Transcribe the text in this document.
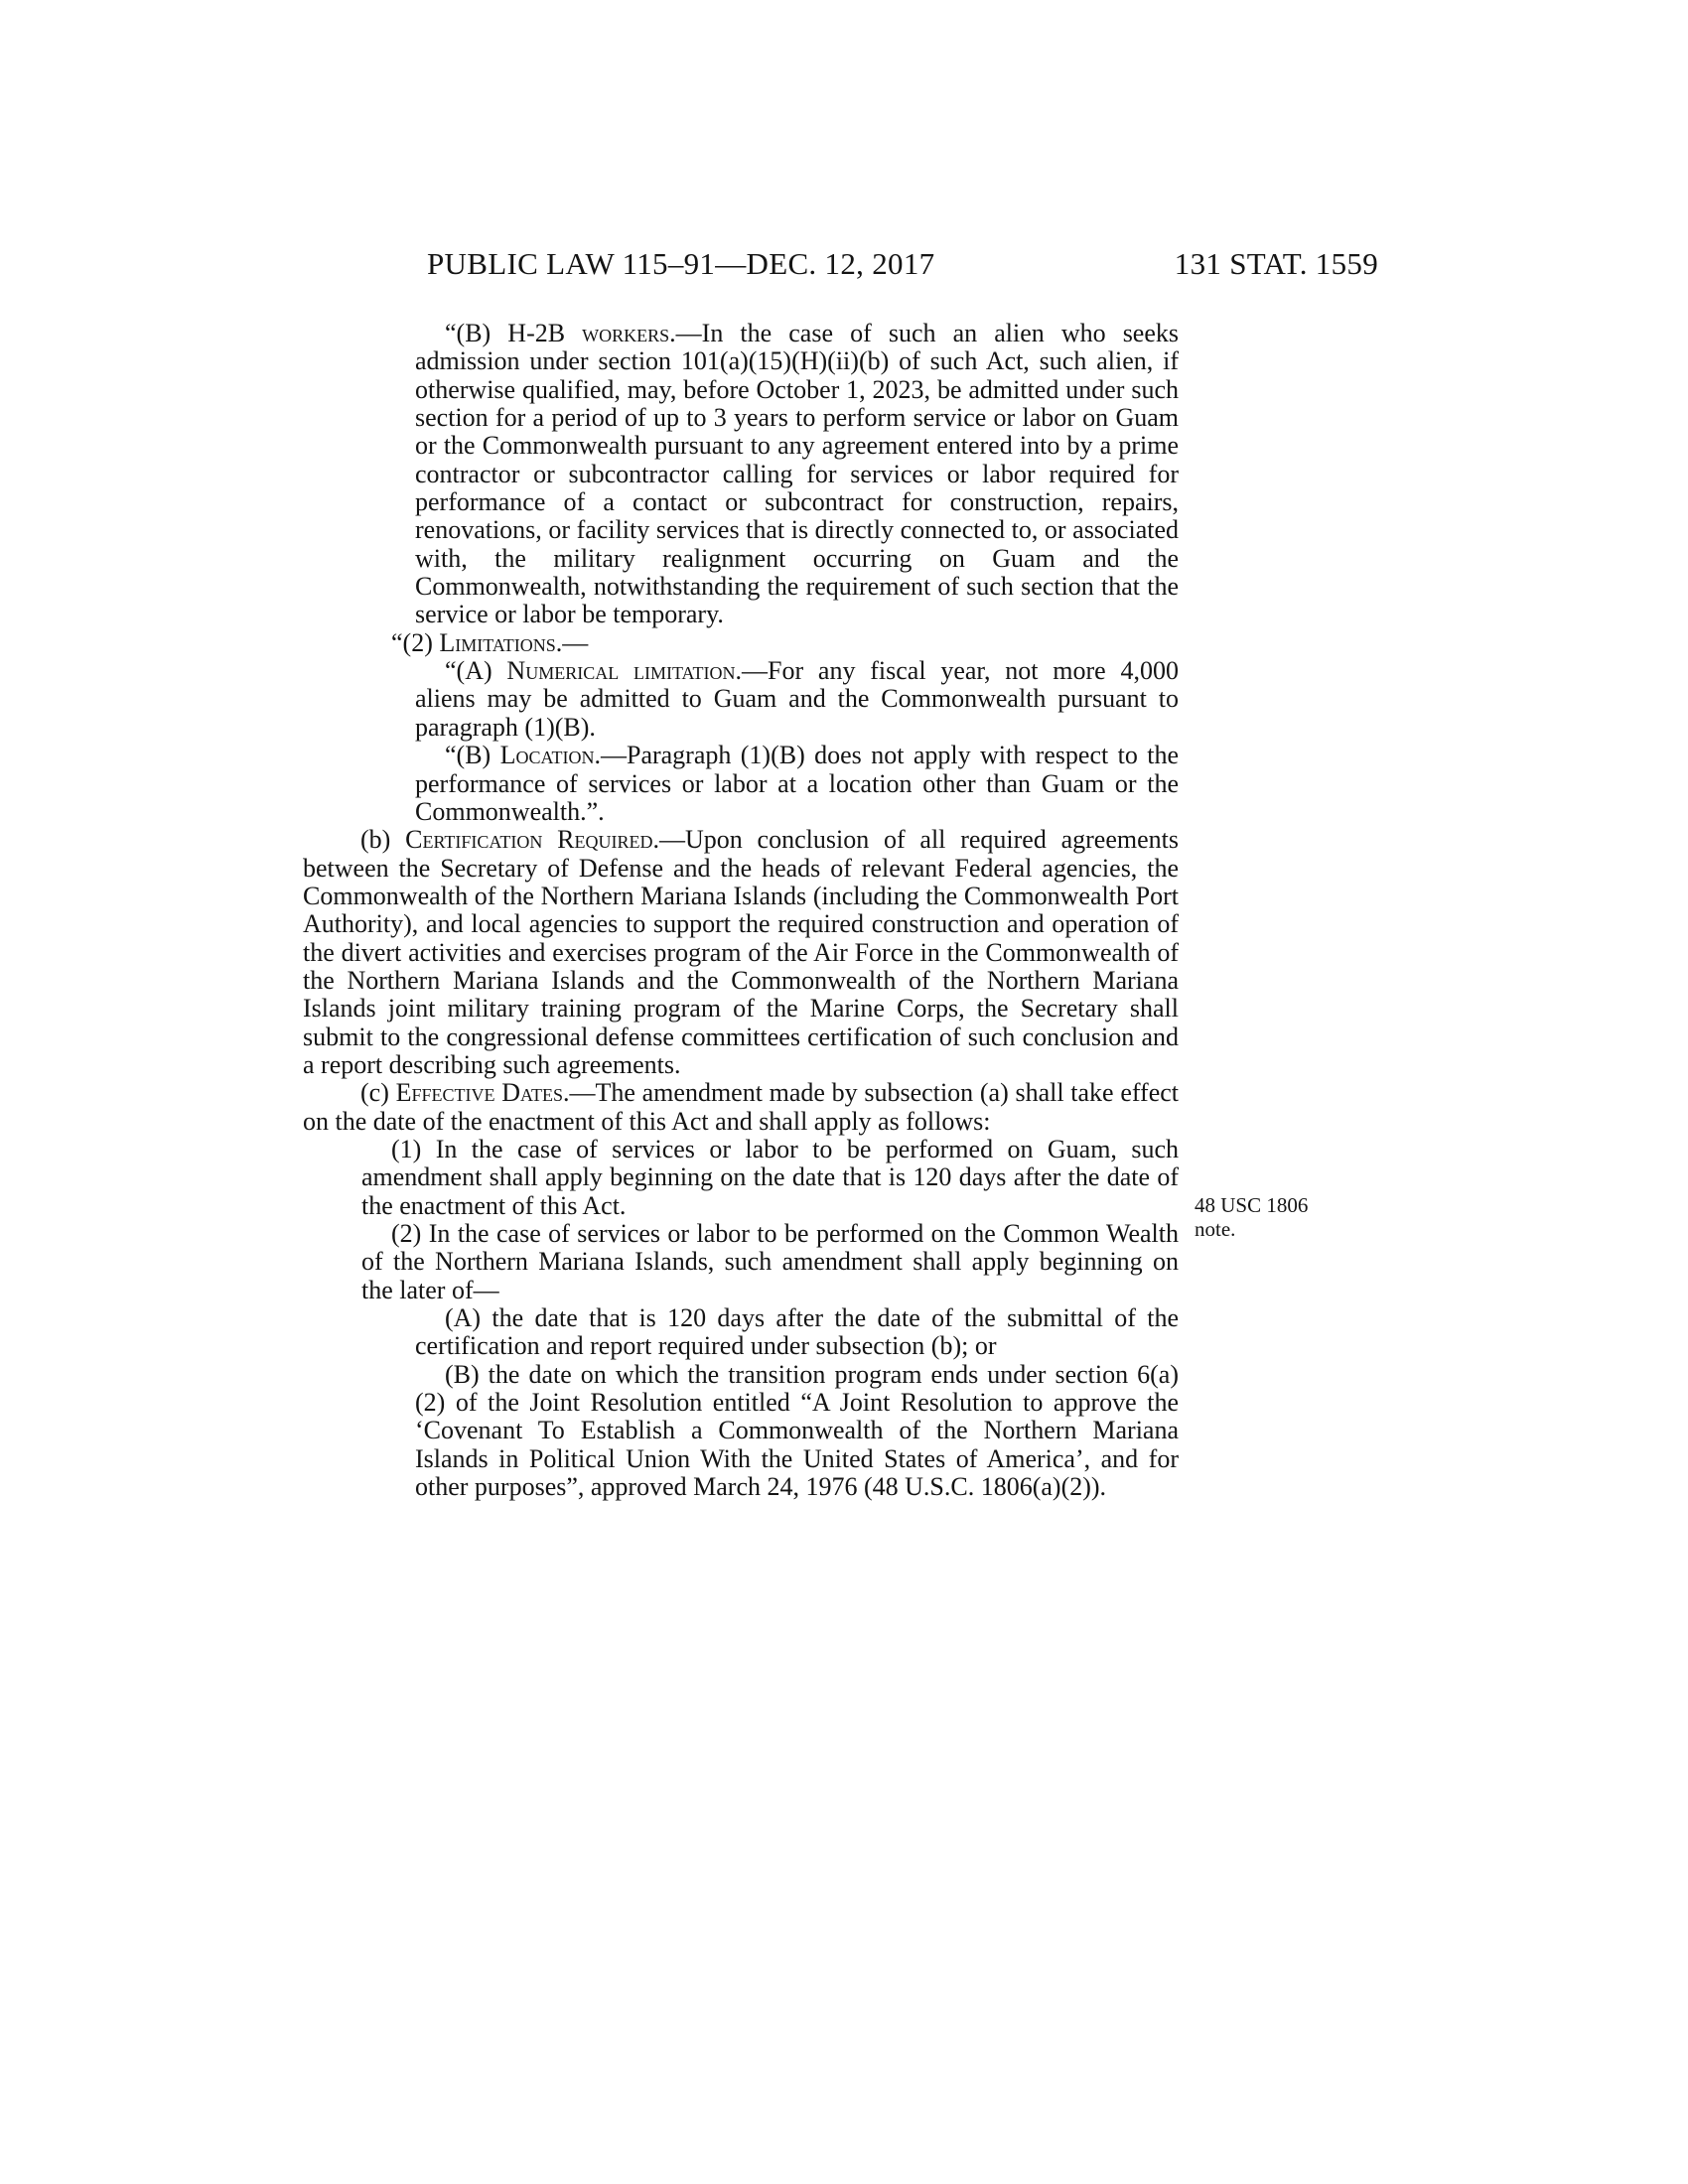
PUBLIC LAW 115–91—DEC. 12, 2017	131 STAT. 1559

“(B) H-2B workers.—In the case of such an alien who seeks admission under section 101(a)(15)(H)(ii)(b) of such Act, such alien, if otherwise qualified, may, before October 1, 2023, be admitted under such section for a period of up to 3 years to perform service or labor on Guam or the Commonwealth pursuant to any agreement entered into by a prime contractor or subcontractor calling for services or labor required for performance of a contact or subcontract for construction, repairs, renovations, or facility services that is directly connected to, or associated with, the military realignment occurring on Guam and the Commonwealth, notwithstanding the requirement of such section that the service or labor be temporary.

“(2) Limitations.—

“(A) Numerical limitation.—For any fiscal year, not more 4,000 aliens may be admitted to Guam and the Commonwealth pursuant to paragraph (1)(B).

“(B) Location.—Paragraph (1)(B) does not apply with respect to the performance of services or labor at a location other than Guam or the Commonwealth.”.

(b) Certification Required.—Upon conclusion of all required agreements between the Secretary of Defense and the heads of relevant Federal agencies, the Commonwealth of the Northern Mariana Islands (including the Commonwealth Port Authority), and local agencies to support the required construction and operation of the divert activities and exercises program of the Air Force in the Commonwealth of the Northern Mariana Islands and the Commonwealth of the Northern Mariana Islands joint military training program of the Marine Corps, the Secretary shall submit to the congressional defense committees certification of such conclusion and a report describing such agreements.

(c) Effective Dates.—The amendment made by subsection (a) shall take effect on the date of the enactment of this Act and shall apply as follows:

(1) In the case of services or labor to be performed on Guam, such amendment shall apply beginning on the date that is 120 days after the date of the enactment of this Act.

(2) In the case of services or labor to be performed on the Common Wealth of the Northern Mariana Islands, such amendment shall apply beginning on the later of—

(A) the date that is 120 days after the date of the submittal of the certification and report required under subsection (b); or

(B) the date on which the transition program ends under section 6(a)(2) of the Joint Resolution entitled “A Joint Resolution to approve the ‘Covenant To Establish a Commonwealth of the Northern Mariana Islands in Political Union With the United States of America’, and for other purposes”, approved March 24, 1976 (48 U.S.C. 1806(a)(2)).

48 USC 1806
note.
